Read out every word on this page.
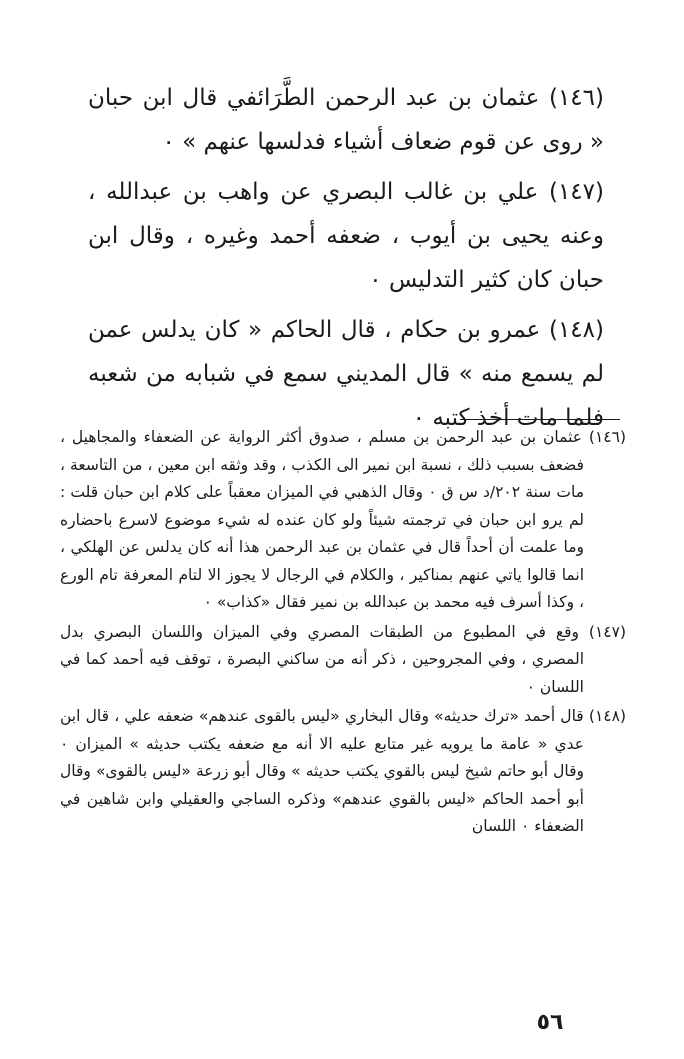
(١٤٦) عثمان بن عبد الرحمن الطَّرَائفي قال ابن حبان « روى عن قوم ضعاف أشياء فدلسها عنهم » ٠

(١٤٧) علي بن غالب البصري عن واهب بن عبدالله ، وعنه يحيى بن أيوب ، ضعفه أحمد وغيره ، وقال ابن حبان كان كثير التدليس ٠

(١٤٨) عمرو بن حكام ، قال الحاكم « كان يدلس عمن لم يسمع منه » قال المديني سمع في شبابه من شعبه فلما مات أخذ كتبه ٠

(١٤٦) عثمان بن عبد الرحمن بن مسلم ، صدوق أكثر الرواية عن الضعفاء والمجاهيل ، فضعف بسبب ذلك ، نسبة ابن نمير الى الكذب ، وقد وثقه ابن معين ، من التاسعة ، مات سنة ٢٠٢/د س ق ٠ وقال الذهبي في الميزان معقباً على كلام ابن حبان قلت : لم يرو ابن حبان في ترجمته شيئاً ولو كان عنده له شيء موضوع لاسرع باحضاره وما علمت أن أحداً قال في عثمان بن عبد الرحمن هذا أنه كان يدلس عن الهلكي ، انما قالوا ياتي عنهم بمناكير ، والكلام في الرجال لا يجوز الا لتام المعرفة تام الورع ، وكذا أسرف فيه محمد بن عبدالله بن نمير فقال «كذاب» ٠

(١٤٧) وقع في المطبوع من الطبقات المصري وفي الميزان واللسان البصري بدل المصري ، وفي المجروحين ، ذكر أنه من ساكني البصرة ، توقف فيه أحمد كما في اللسان ٠

(١٤٨) قال أحمد «ترك حديثه» وقال البخاري «ليس بالقوى عندهم» ضعفه علي ، قال ابن عدي « عامة ما يرويه غير متابع عليه الا أنه مع ضعفه يكتب حديثه » الميزان ٠ وقال أبو حاتم شيخ ليس بالقوي يكتب حديثه » وقال أبو زرعة «ليس بالقوى» وقال أبو أحمد الحاكم «ليس بالقوي عندهم» وذكره الساجي والعقيلي وابن شاهين في الضعفاء ٠ اللسان

٥٦
